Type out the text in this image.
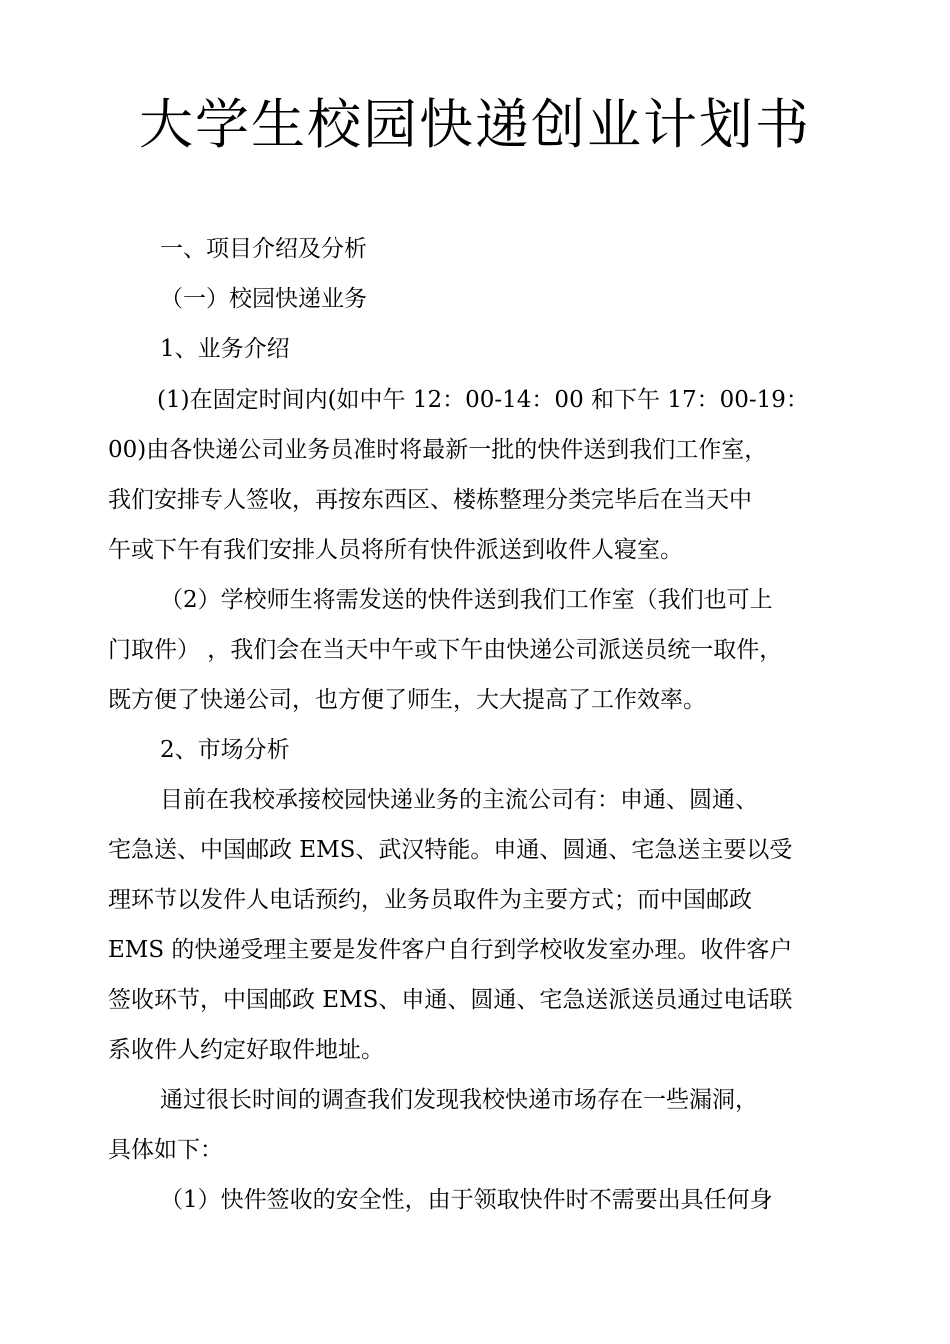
大学生校园快递创业计划书
一、项目介绍及分析
（一）校园快递业务
1、业务介绍
(1)在固定时间内(如中午 12：00-14：00 和下午 17：00-19：
00)由各快递公司业务员准时将最新一批的快件送到我们工作室，
我们安排专人签收，再按东西区、楼栋整理分类完毕后在当天中
午或下午有我们安排人员将所有快件派送到收件人寝室。
（2）学校师生将需发送的快件送到我们工作室（我们也可上
门取件） ，我们会在当天中午或下午由快递公司派送员统一取件，
既方便了快递公司，也方便了师生，大大提高了工作效率。
2、市场分析
目前在我校承接校园快递业务的主流公司有：申通、圆通、
宅急送、中国邮政 EMS、武汉特能。申通、圆通、宅急送主要以受
理环节以发件人电话预约，业务员取件为主要方式；而中国邮政
EMS 的快递受理主要是发件客户自行到学校收发室办理。收件客户
签收环节，中国邮政 EMS、申通、圆通、宅急送派送员通过电话联
系收件人约定好取件地址。
通过很长时间的调查我们发现我校快递市场存在一些漏洞，
具体如下：
（1）快件签收的安全性，由于领取快件时不需要出具任何身
